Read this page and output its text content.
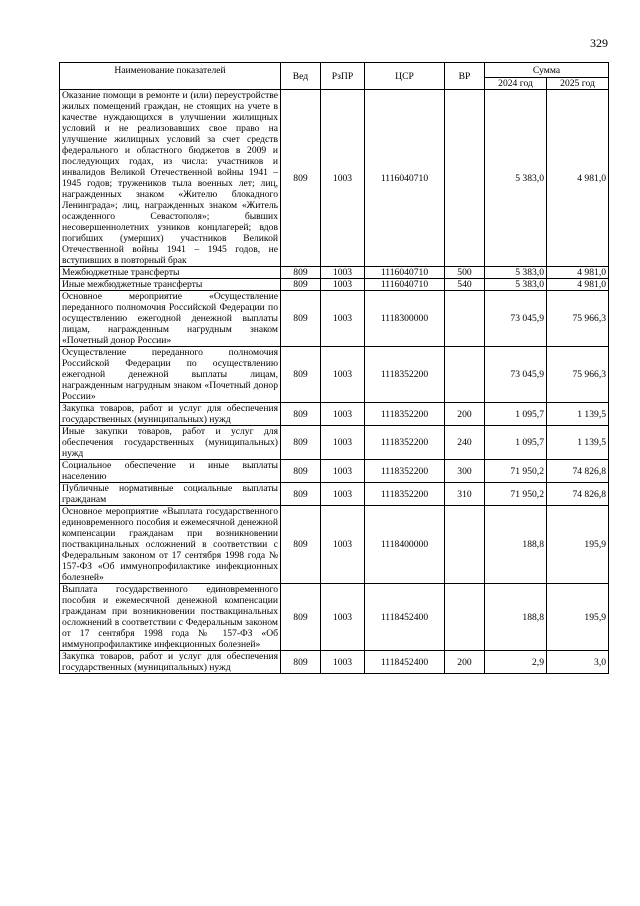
329
Наименование показателей	Вед	РзПР	ЦСР	ВР	Сумма	
					2024 год	2025 год
Оказание помощи в ремонте и (или) переустройстве жилых помещений граждан, не стоящих на учете в качестве нуждающихся в улучшении жилищных условий и не реализовавших свое право на улучшение жилищных условий за счет средств федерального и областного бюджетов в 2009 и последующих годах, из числа: участников и инвалидов Великой Отечественной войны 1941 – 1945 годов; тружеников тыла военных лет; лиц, награжденных знаком «Жителю блокадного Ленинграда»; лиц, награжденных знаком «Житель осажденного Севастополя»; бывших несовершеннолетних узников концлагерей; вдов погибших (умерших) участников Великой Отечественной войны 1941 – 1945 годов, не вступивших в повторный брак	809	1003	1116040710		5 383,0	4 981,0
Межбюджетные трансферты	809	1003	1116040710	500	5 383,0	4 981,0
Иные межбюджетные трансферты	809	1003	1116040710	540	5 383,0	4 981,0
Основное мероприятие «Осуществление переданного полномочия Российской Федерации по осуществлению ежегодной денежной выплаты лицам, награжденным нагрудным знаком «Почетный донор России»	809	1003	1118300000		73 045,9	75 966,3
Осуществление переданного полномочия Российской Федерации по осуществлению ежегодной денежной выплаты лицам, награжденным нагрудным знаком «Почетный донор России»	809	1003	1118352200		73 045,9	75 966,3
Закупка товаров, работ и услуг для обеспечения государственных (муниципальных) нужд	809	1003	1118352200	200	1 095,7	1 139,5
Иные закупки товаров, работ и услуг для обеспечения государственных (муниципальных) нужд	809	1003	1118352200	240	1 095,7	1 139,5
Социальное обеспечение и иные выплаты населению	809	1003	1118352200	300	71 950,2	74 826,8
Публичные нормативные социальные выплаты гражданам	809	1003	1118352200	310	71 950,2	74 826,8
Основное мероприятие «Выплата государственного единовременного пособия и ежемесячной денежной компенсации гражданам при возникновении поствакцинальных осложнений в соответствии с Федеральным законом от 17 сентября 1998 года № 157-ФЗ «Об иммунопрофилактике инфекционных болезней»	809	1003	1118400000		188,8	195,9
Выплата государственного единовременного пособия и ежемесячной денежной компенсации гражданам при возникновении поствакцинальных осложнений в соответствии с Федеральным законом от 17 сентября 1998 года № 157-ФЗ «Об иммунопрофилактике инфекционных болезней»	809	1003	1118452400		188,8	195,9
Закупка товаров, работ и услуг для обеспечения государственных (муниципальных) нужд	809	1003	1118452400	200	2,9	3,0
